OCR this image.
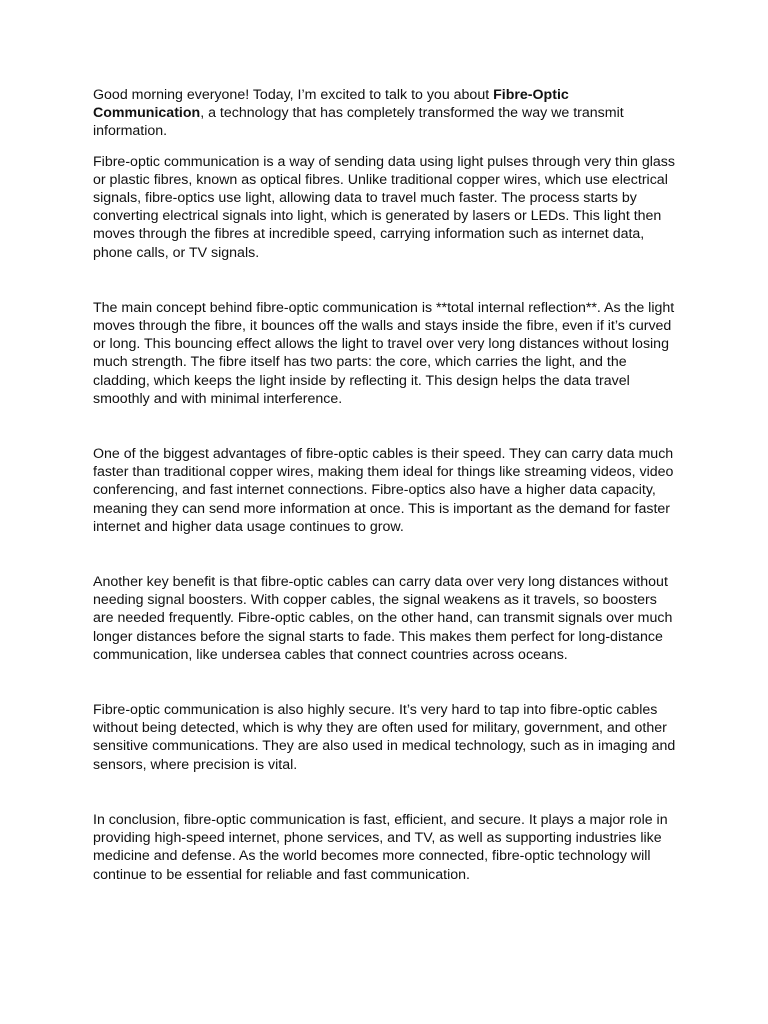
Good morning everyone! Today, I’m excited to talk to you about Fibre-Optic Communication, a technology that has completely transformed the way we transmit information.

Fibre-optic communication is a way of sending data using light pulses through very thin glass or plastic fibres, known as optical fibres. Unlike traditional copper wires, which use electrical signals, fibre-optics use light, allowing data to travel much faster. The process starts by converting electrical signals into light, which is generated by lasers or LEDs. This light then moves through the fibres at incredible speed, carrying information such as internet data, phone calls, or TV signals.

The main concept behind fibre-optic communication is **total internal reflection**. As the light moves through the fibre, it bounces off the walls and stays inside the fibre, even if it’s curved or long. This bouncing effect allows the light to travel over very long distances without losing much strength. The fibre itself has two parts: the core, which carries the light, and the cladding, which keeps the light inside by reflecting it. This design helps the data travel smoothly and with minimal interference.

One of the biggest advantages of fibre-optic cables is their speed. They can carry data much faster than traditional copper wires, making them ideal for things like streaming videos, video conferencing, and fast internet connections. Fibre-optics also have a higher data capacity, meaning they can send more information at once. This is important as the demand for faster internet and higher data usage continues to grow.

Another key benefit is that fibre-optic cables can carry data over very long distances without needing signal boosters. With copper cables, the signal weakens as it travels, so boosters are needed frequently. Fibre-optic cables, on the other hand, can transmit signals over much longer distances before the signal starts to fade. This makes them perfect for long-distance communication, like undersea cables that connect countries across oceans.

Fibre-optic communication is also highly secure. It’s very hard to tap into fibre-optic cables without being detected, which is why they are often used for military, government, and other sensitive communications. They are also used in medical technology, such as in imaging and sensors, where precision is vital.

In conclusion, fibre-optic communication is fast, efficient, and secure. It plays a major role in providing high-speed internet, phone services, and TV, as well as supporting industries like medicine and defense. As the world becomes more connected, fibre-optic technology will continue to be essential for reliable and fast communication.
